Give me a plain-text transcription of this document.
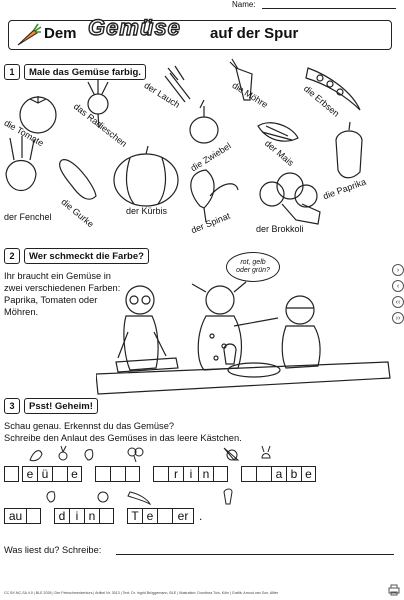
Name:
Dem Gemüse auf der Spur
1	Male das Gemüse farbig.
die Tomate	das Radieschen
der Lauch	die Möhre	die Erbsen
die Zwiebel	der Mais
die Paprika
der Fenchel die Gurke	der Kürbis	der Spinat	der Brokkoli
2	Wer schmeckt die Farbe?
Ihr braucht ein Gemüse in
zwei verschiedenen Farben:
Paprika, Tomaten oder
Möhren.
rot, gelb
oder grün?
3	Psst! Geheim!
Schau genau. Erkennst du das Gemüse?
Schreibe den Anlaut des Gemüses in das leere Kästchen.
e ü	e	r i n	a b e
au	d i n	T e	er .
Was liest du? Schreibe:
›
‹
‹‹
››
CC BY-NC-SA 4.0 | BLE 2026 | Der Feinschmeckerkurs | Artikel Nr. 3013 | Text: Dr. Ingrid Brüggemann, BLE | Illustration: Dorothea Tuis, Köln | Grafik: Arnout van Son, Alfter
